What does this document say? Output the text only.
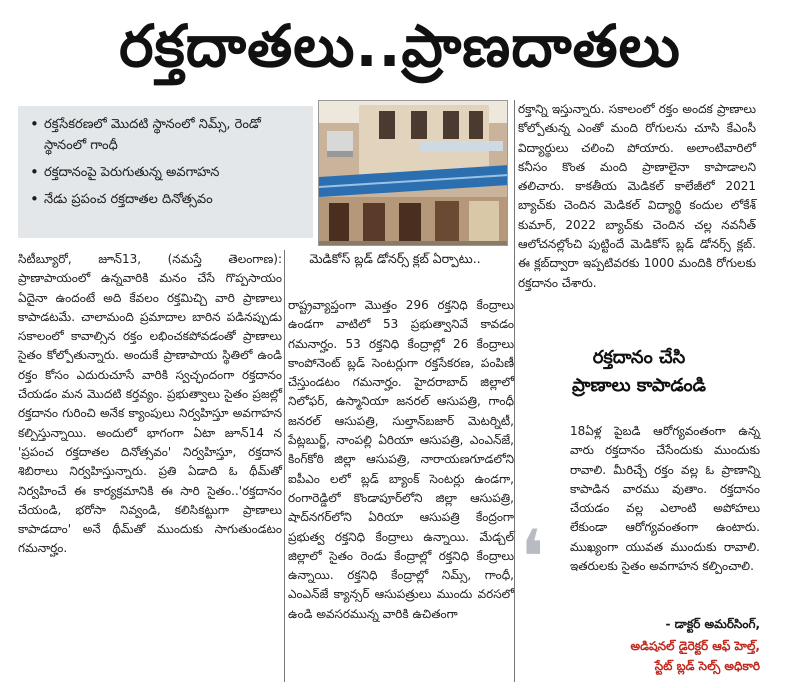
రక్తదాతలు..ప్రాణదాతలు
• రక్తసేకరణలో మొదటి స్థానంలో నిమ్స్, రెండో స్థానంలో గాంధీ
• రక్తదానంపై పెరుగుతున్న అవగాహన
• నేడు ప్రపంచ రక్తదాతల దినోత్సవం
మెడికోస్ బ్లడ్ డోనర్స్ క్లబ్ ఏర్పాటు..

సిటీబ్యూరో, జూన్13, (నమస్తే తెలంగాణ): ప్రాణాపాయంలో ఉన్నవారికి మనం చేసే గొప్పసాయం ఏదైనా ఉందంటే అది కేవలం రక్తమిచ్చి వారి ప్రాణాలు కాపాడటమే. చాలామంది ప్రమాదాల బారిన పడినప్పుడు సకాలంలో కావాల్సిన రక్తం లభించకపోవడంతో ప్రాణాలు సైతం కోల్పోతున్నారు. అందుకే ప్రాణాపాయ స్థితిలో ఉండి రక్తం కోసం ఎదురుచూసే వారికి స్వచ్ఛందంగా రక్తదానం చేయడం మన మొదటి కర్తవ్యం. ప్రభుత్వాలు సైతం ప్రజల్లో రక్తదానం గురించి అనేక క్యాంపులు నిర్వహిస్తూ అవగాహన కల్పిస్తున్నాయి. అందులో భాగంగా ఏటా జూన్14 న 'ప్రపంచ రక్తదాతల దినోత్సవం' నిర్వహిస్తూ, రక్తదాన శిబిరాలు నిర్వహిస్తున్నారు. ప్రతి ఏడాది ఓ థీమ్‌తో నిర్వహించే ఈ కార్యక్రమానికి ఈ సారి సైతం..'రక్తదానం చేయండి, భరోసా నివ్వండి, కలిసికట్టుగా ప్రాణాలు కాపాడదాం' అనే థీమ్‌తో ముందుకు సాగుతుండటం గమనార్హం.

రాష్ట్రవ్యాప్తంగా మొత్తం 296 రక్తనిధి కేంద్రాలు ఉండగా వాటిలో 53 ప్రభుత్వానివే కావడం గమనార్హం. 53 రక్తనిధి కేంద్రాల్లో 26 కేంద్రాలు కాంపోనెంట్ బ్లడ్ సెంటర్లుగా రక్తసేకరణ, పంపిణీ చేస్తుండటం గమనార్హం. హైదరాబాద్ జిల్లాలో నిలోఫర్, ఉస్మానియా జనరల్ ఆసుపత్రి, గాంధీ జనరల్ ఆసుపత్రి, సుల్తాన్‌బజార్ మెటర్నిటీ, పేట్లబుర్జ్, నాంపల్లి ఏరియా ఆసుపత్రి, ఎంఎన్‌జే, కింగ్‌కోఠి జిల్లా ఆసుపత్రి, నారాయణగూడలోని ఐపీఎం లలో బ్లడ్ బ్యాంక్ సెంటర్లు ఉండగా, రంగారెడ్డిలో కొండాపూర్‌లోని జిల్లా ఆసుపత్రి, షాద్‌నగర్‌లోని ఏరియా ఆసుపత్రి కేంద్రంగా ప్రభుత్వ రక్తనిధి కేంద్రాలు ఉన్నాయి. మేడ్చల్ జిల్లాలో సైతం రెండు కేంద్రాల్లో రక్తనిధి కేంద్రాలు ఉన్నాయి. రక్తనిధి కేంద్రాల్లో నిమ్స్, గాంధీ, ఎంఎన్‌జే క్యాన్సర్ ఆసుపత్రులు ముందు వరసలో ఉండి అవసరమున్న వారికి ఉచితంగా

రక్తాన్ని ఇస్తున్నారు. సకాలంలో రక్తం అందక ప్రాణాలు కోల్పోతున్న ఎంతో మంది రోగులను చూసి కేఎంసీ విద్యార్థులు చలించి పోయారు. అలాంటివారిలో కనీసం కొంత మంది ప్రాణాలైనా కాపాడాలని తలిచారు. కాకతీయ మెడికల్ కాలేజీలో 2021 బ్యాచ్‌కు చెందిన మెడికల్ విద్యార్థి కందుల లోకేశ్ కుమార్, 2022 బ్యాచ్‌కు చెందిన చల్ల నవనీత్ ఆలోచనల్లోంచి పుట్టిందే మెడికోస్ బ్లడ్ డోనర్స్ క్లబ్. ఈ క్లబ్‌ద్వారా ఇప్పటివరకు 1000 మందికి రోగులకు రక్తదానం చేశారు.

రక్తదానం చేసి
ప్రాణాలు కాపాడండి
❛

18ఏళ్ల పైబడి ఆరోగ్యవంతంగా ఉన్న వారు రక్తదానం చేసేందుకు ముందుకు రావాలి. మీరిచ్చే రక్తం వల్ల ఓ ప్రాణాన్ని కాపాడిన వారము వుతాం. రక్తదానం చేయడం వల్ల ఎలాంటి అపోహలు లేకుండా ఆరోగ్యవంతంగా ఉంటారు. ముఖ్యంగా యువత ముందుకు రావాలి. ఇతరులకు సైతం అవగాహన కల్పించాలి.

- డాక్టర్ అమర్‌సింగ్,
అడిషనల్ డైరెక్టర్ ఆఫ్ హెల్త్,
స్టేట్ బ్లడ్ సెల్స్ అధికారి
